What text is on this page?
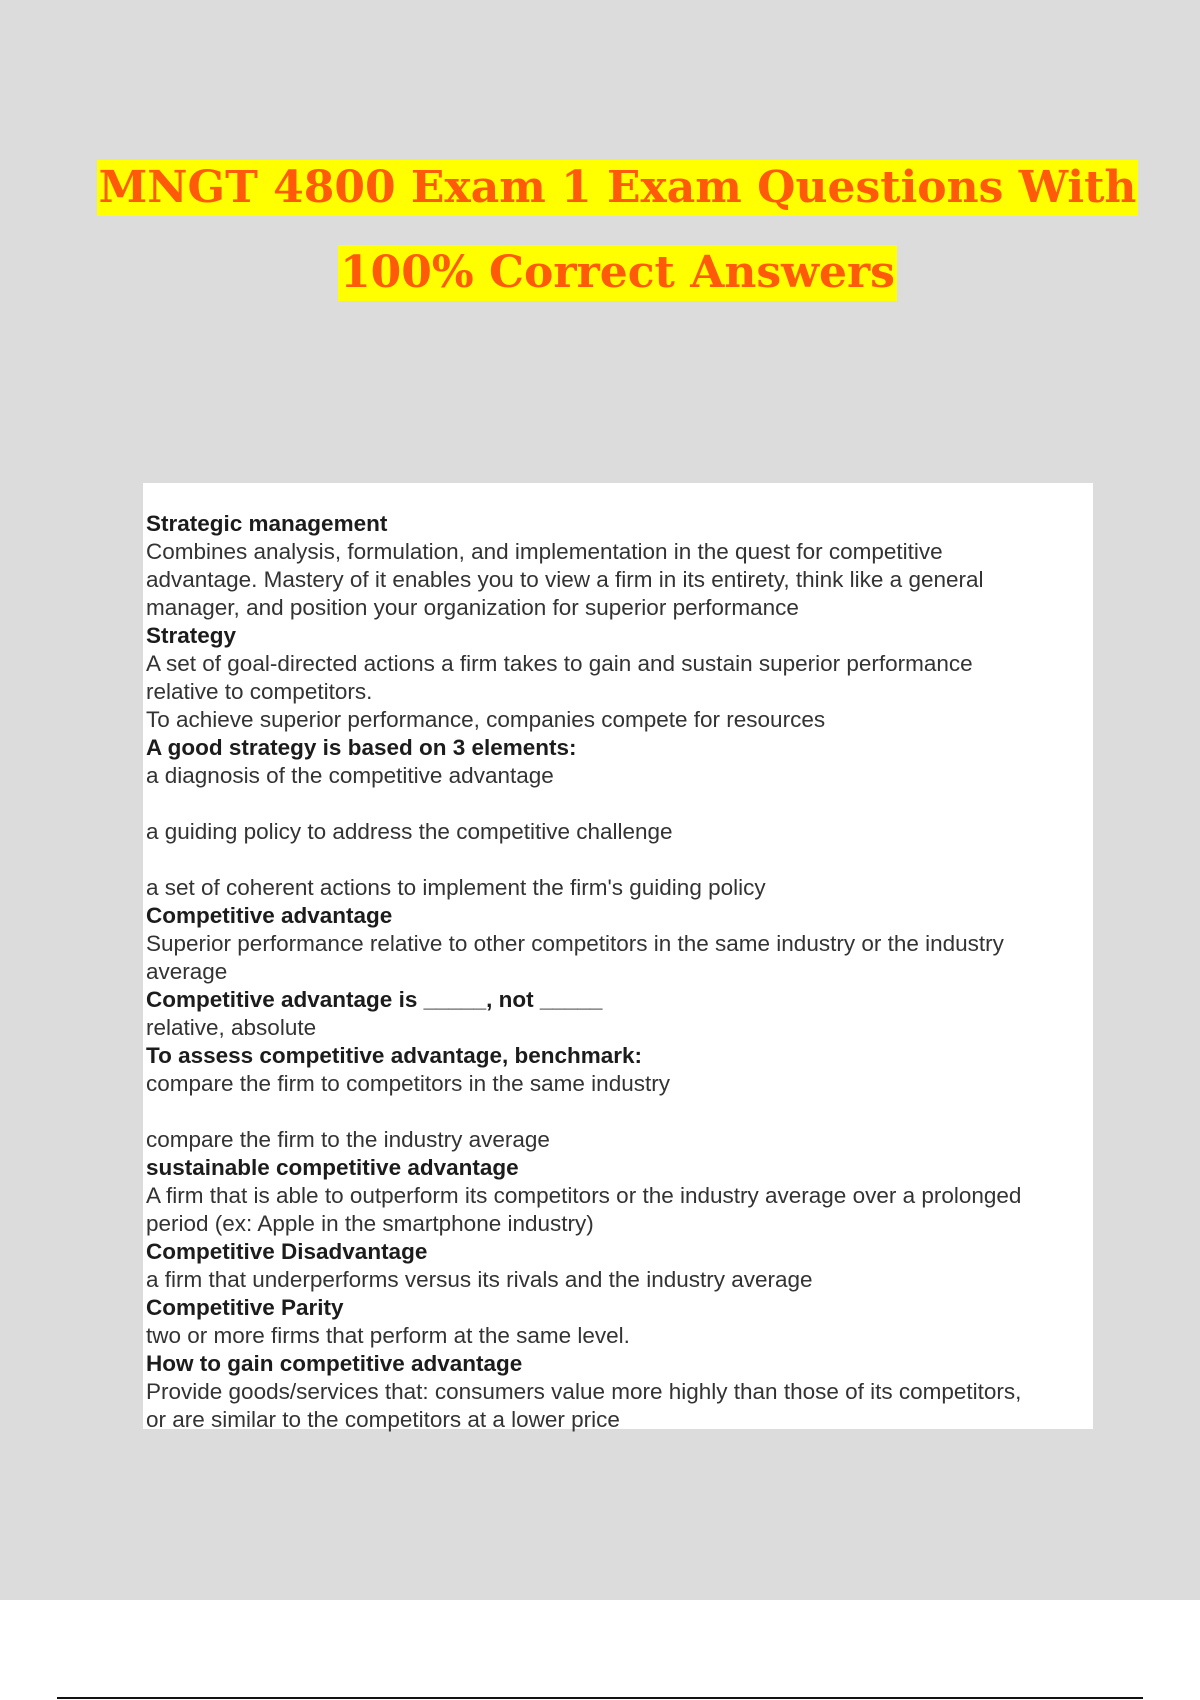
MNGT 4800 Exam 1 Exam Questions With
100% Correct Answers
Strategic management
Combines analysis, formulation, and implementation in the quest for competitive
advantage. Mastery of it enables you to view a firm in its entirety, think like a general
manager, and position your organization for superior performance
Strategy
A set of goal-directed actions a firm takes to gain and sustain superior performance
relative to competitors.
To achieve superior performance, companies compete for resources
A good strategy is based on 3 elements:
a diagnosis of the competitive advantage
a guiding policy to address the competitive challenge
a set of coherent actions to implement the firm's guiding policy
Competitive advantage
Superior performance relative to other competitors in the same industry or the industry
average
Competitive advantage is _____, not _____
relative, absolute
To assess competitive advantage, benchmark:
compare the firm to competitors in the same industry
compare the firm to the industry average
sustainable competitive advantage
A firm that is able to outperform its competitors or the industry average over a prolonged
period (ex: Apple in the smartphone industry)
Competitive Disadvantage
a firm that underperforms versus its rivals and the industry average
Competitive Parity
two or more firms that perform at the same level.
How to gain competitive advantage
Provide goods/services that: consumers value more highly than those of its competitors,
or are similar to the competitors at a lower price
